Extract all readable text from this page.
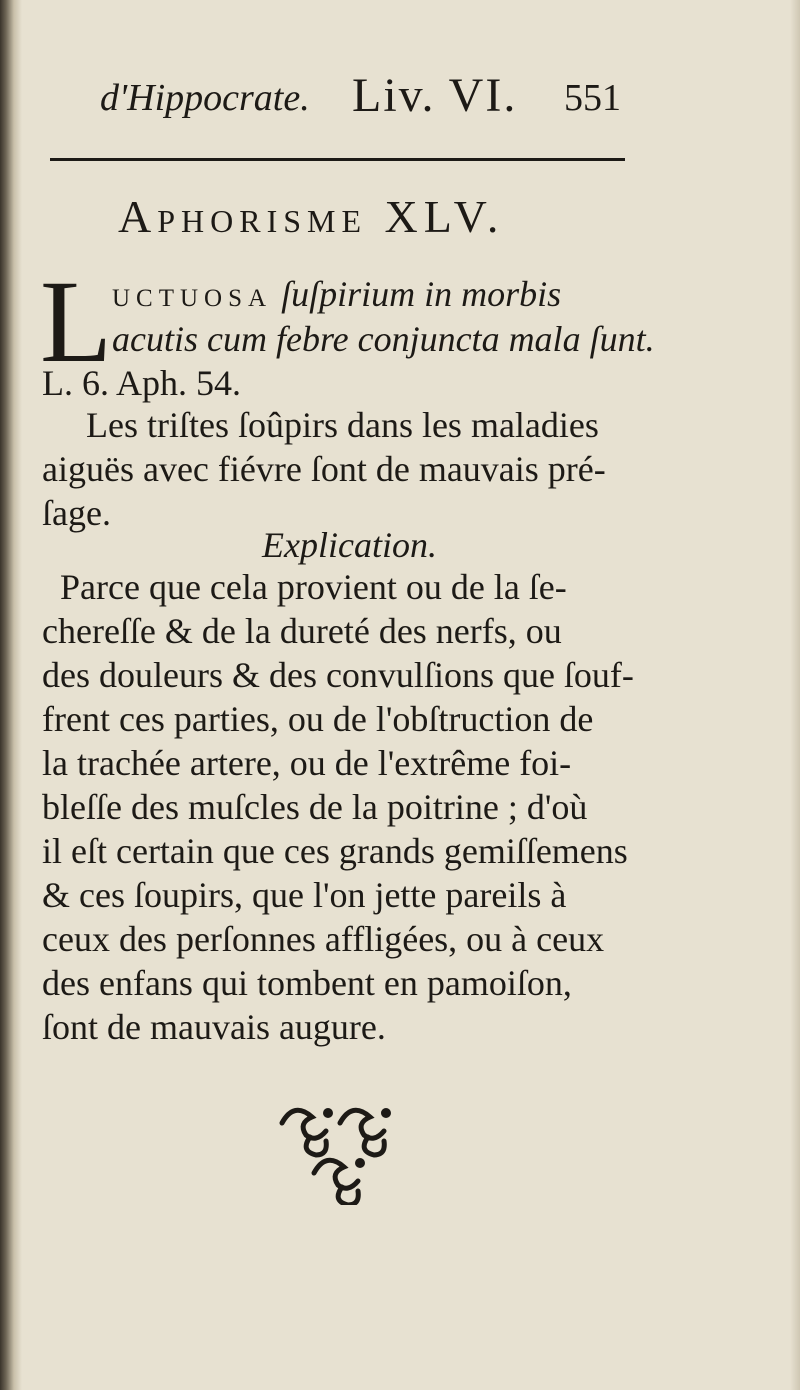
d'Hippocrate. Liv. VI. 551
Aphorisme XLV.
L uctuosa ſuſpirium in morbis
acutis cum febre conjuncta mala ſunt.
L. 6. Aph. 54.
Les triſtes ſoûpirs dans les maladies
aiguës avec fiévre ſont de mauvais pré-
ſage.
Explication.
Parce que cela provient ou de la ſe-
chereſſe & de la dureté des nerfs, ou
des douleurs & des convulſions que ſouf-
frent ces parties, ou de l'obſtruction de
la trachée artere, ou de l'extrême foi-
bleſſe des muſcles de la poitrine ; d'où
il eſt certain que ces grands gemiſſemens
& ces ſoupirs, que l'on jette pareils à
ceux des perſonnes affligées, ou à ceux
des enfans qui tombent en pamoiſon,
ſont de mauvais augure.
